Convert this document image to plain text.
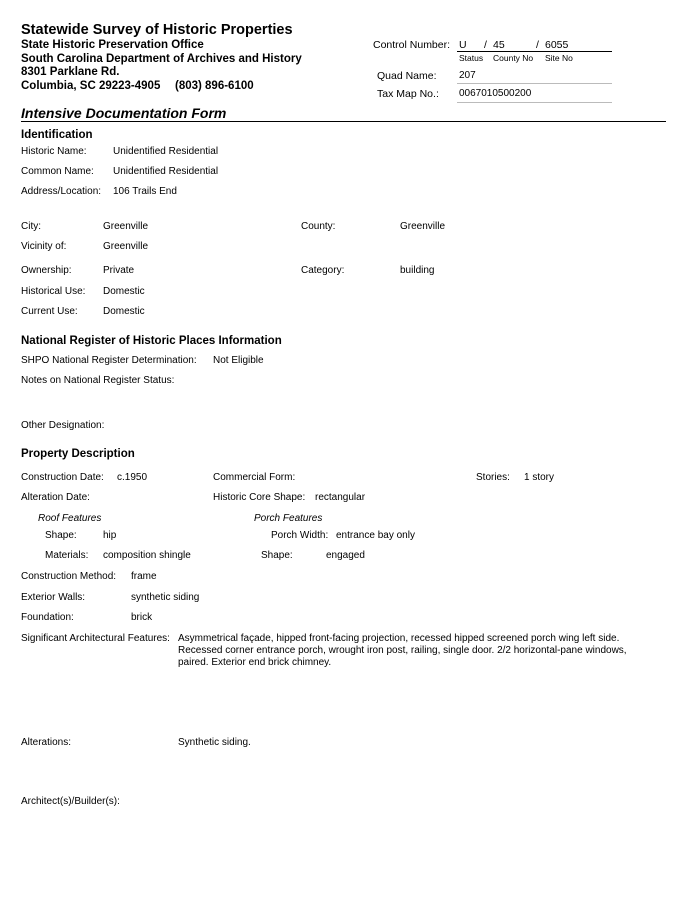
Statewide Survey of Historic Properties
State Historic Preservation Office
South Carolina Department of Archives and History
8301 Parklane Rd.
Columbia, SC 29223-4905 (803) 896-6100
Control Number: U / 45	/ 6055
Status County No Site No
Quad Name: 207
Tax Map No.: 0067010500200
Intensive Documentation Form
Identification
Historic Name:	Unidentified Residential
Common Name: Unidentified Residential
Address/Location: 106 Trails End
City:	Greenville	County:	Greenville
Vicinity of:	Greenville
Ownership:	Private	Category:	building
Historical Use: Domestic
Current Use:	Domestic
National Register of Historic Places Information
SHPO National Register Determination: Not Eligible
Notes on National Register Status:
Other Designation:
Property Description
Construction Date: c.1950	Commercial Form:	Stories: 1 story
Alteration Date:	Historic Core Shape: rectangular
Roof Features	Porch Features
Shape:	hip	Porch Width: entrance bay only
Materials: composition shingle	Shape:	engaged
Construction Method: frame
Exterior Walls:	synthetic siding
Foundation:	brick
Significant Architectural Features: Asymmetrical façade, hipped front-facing projection, recessed hipped screened porch wing left side. Recessed corner entrance porch, wrought iron post, railing, single door. 2/2 horizontal-pane windows, paired. Exterior end brick chimney.
Alterations:	Synthetic siding.
Architect(s)/Builder(s):
